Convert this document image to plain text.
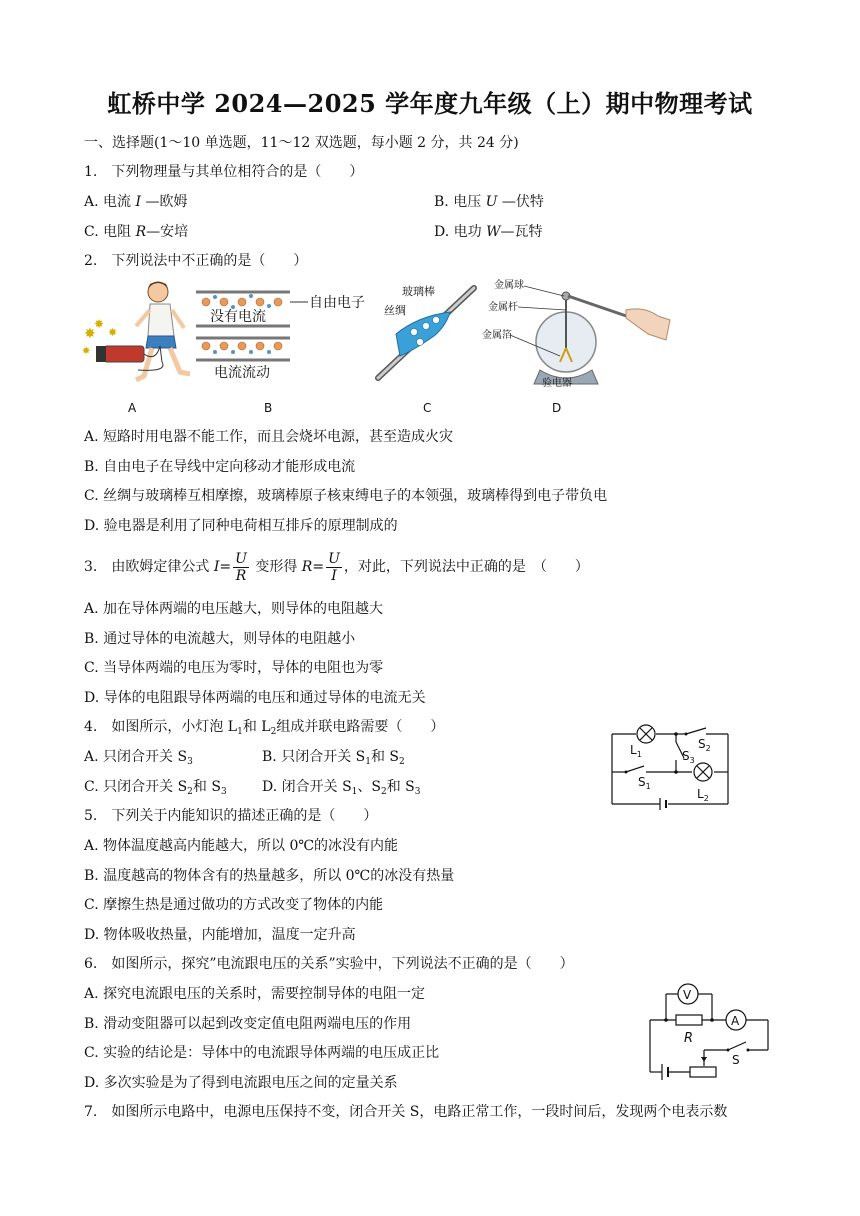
虹桥中学 2024—2025 学年度九年级（上）期中物理考试
一、选择题(1～10 单选题，11～12 双选题，每小题 2 分，共 24 分)
1.　下列物理量与其单位相符合的是（　　）
A. 电流 I —欧姆	B. 电压 U —伏特
C. 电阻 R—安培	D. 电功 W—瓦特
2.　下列说法中不正确的是（　　）
✸
✸
✸
✸
自由电子
没有电流
电流流动
玻璃棒
丝绸
金属球
金属杆
金属箔
验电器
A	B	C	D
A. 短路时用电器不能工作，而且会烧坏电源，甚至造成火灾
B. 自由电子在导线中定向移动才能形成电流
C. 丝绸与玻璃棒互相摩擦，玻璃棒原子核束缚电子的本领强，玻璃棒得到电子带负电
D. 验电器是利用了同种电荷相互排斥的原理制成的
3.　由欧姆定律公式 $I= \frac{U}{R}$ 变形得 $R= \frac{U}{I}$ ，对此，下列说法中正确的是　（　　）
A. 加在导体两端的电压越大，则导体的电阻越大
B. 通过导体的电流越大，则导体的电阻越小
C. 当导体两端的电压为零时，导体的电阻也为零
D. 导体的电阻跟导体两端的电压和通过导体的电流无关
4.　如图所示，小灯泡 $L_1$和 $L_2$组成并联电路需要（　　）
A. 只闭合开关 $S_3$	B. 只闭合开关 $S_1$和 $S_2$
C. 只闭合开关 $S_2$和 $S_3$	D. 闭合开关 $S_1$、$S_2$和 $S_3$
$L_1$
$L_2$
$S_2$
$S_3$
$S_1$
5.　下列关于内能知识的描述正确的是（　　）
A. 物体温度越高内能越大，所以 0℃的冰没有内能
B. 温度越高的物体含有的热量越多，所以 0℃的冰没有热量
C. 摩擦生热是通过做功的方式改变了物体的内能
D. 物体吸收热量，内能增加，温度一定升高
6.　如图所示，探究”电流跟电压的关系”实验中，下列说法不正确的是（　　）
A. 探究电流跟电压的关系时，需要控制导体的电阻一定
B. 滑动变阻器可以起到改变定值电阻两端电压的作用
C. 实验的结论是：导体中的电流跟导体两端的电压成正比
D. 多次实验是为了得到电流跟电压之间的定量关系
V
A
R
S
7.　如图所示电路中，电源电压保持不变，闭合开关 S，电路正常工作，一段时间后，发现两个电表示数
